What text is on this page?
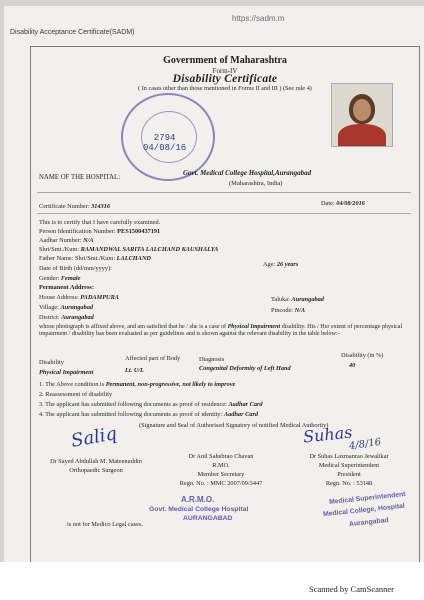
https://sadm.m
Disability Acceptance Certificate(SADM)
Government of Maharashtra
Form-IV
Disability Certificate
( In cases other than those mentioned in Forms II and III ) (See rule 4)
2794
04/08/16
NAME OF THE HOSPITAL:
Govt. Medical College Hospital,Aurangabad
(Maharashtra, India)
Certificate Number: 314316	Date: 04/08/2016
This is to certify that I have carefully examined.
Person Identification Number: PES1500437191
Aadhar Number: N/A
Shri/Smt./Kum: RAMANDWAL SARITA LALCHAND KAUSHALYA
Father Name: Shri/Smt./Kum: LALCHAND
Date of Birth (dd/mm/yyyy):
Age: 26 years
Gender: Female
Permanent Address:
House Address: PADAMPURA	Taluka: Aurangabad
Village: Aurangabad	Pincode: N/A
District: Aurangabad
whose photograph is affixed above, and am satisfied that he / she is a case of Physical Impairment disability. His / Her extent of percentage physical impairment / disability has been evaluated as per guidelines and is shown against the relevant disability in the table below:-
Disability
Affected part of Body	Diagnosis
Disability (in %)
Physical Impairment	Lt. U/L	Congenital Deformity of Left Hand	40
1. The Above condition is Permanent, non-progressive, not likely to improve
2. Reassessment of disability
3. The applicant has submitted following documents as proof of residence: Aadhar Card
4. The applicant has submitted following documents as proof of identity: Aadhar Card
(Signature and Seal of Authorised Signatory of notified Medical Authority)
Saliq	Suhas
4/8/16
Dr Sayed Abdullah M. Mateenuddin
Orthopaedic Surgeon
Dr Anil Sahebrao Chavan
R.MO.
Member Secretary
Regn. No. : MMC 2007/09/3447
Dr Suhas Laxmanrao Jewalikar
Medical Superintendent
President
Regn. No. : 53148
A.R.M.O.
Govt. Medical College Hospital
AURANGABAD
Medical Superintendent
Medical College, Hospital
Aurangabad
is not for Medico Legal cases.
Scanned by CamScanner
